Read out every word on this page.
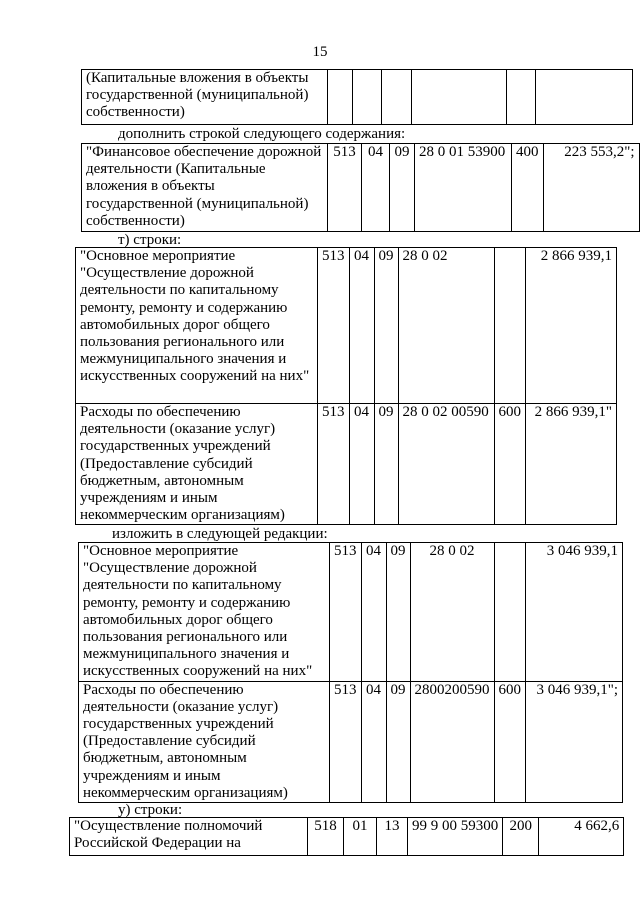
15
(Капитальные вложения в объекты государственной (муниципальной) собственности)						
дополнить строкой следующего содержания:
"Финансовое обеспечение дорожной деятельности (Капитальные вложения в объекты государственной (муниципальной) собственности)	513	04	09	28 0 01 53900	400	223 553,2";
т) строки:
"Основное мероприятие "Осуществление дорожной деятельности по капитальному ремонту, ремонту и содержанию автомобильных дорог общего пользования регионального или межмуниципального значения и искусственных сооружений на них"	513	04	09	28 0 02		2 866 939,1
Расходы по обеспечению деятельности (оказание услуг) государственных учреждений (Предоставление субсидий бюджетным, автономным учреждениям и иным некоммерческим организациям)	513	04	09	28 0 02 00590	600	2 866 939,1"
изложить в следующей редакции:
"Основное мероприятие "Осуществление дорожной деятельности по капитальному ремонту, ремонту и содержанию автомобильных дорог общего пользования регионального или межмуниципального значения и искусственных сооружений на них"	513	04	09	28 0 02		3 046 939,1
Расходы по обеспечению деятельности (оказание услуг) государственных учреждений (Предоставление субсидий бюджетным, автономным учреждениям и иным некоммерческим организациям)	513	04	09	2800200590	600	3 046 939,1";
у) строки:
"Осуществление полномочий Российской Федерации на	518	01	13	99 9 00 59300	200	4 662,6
